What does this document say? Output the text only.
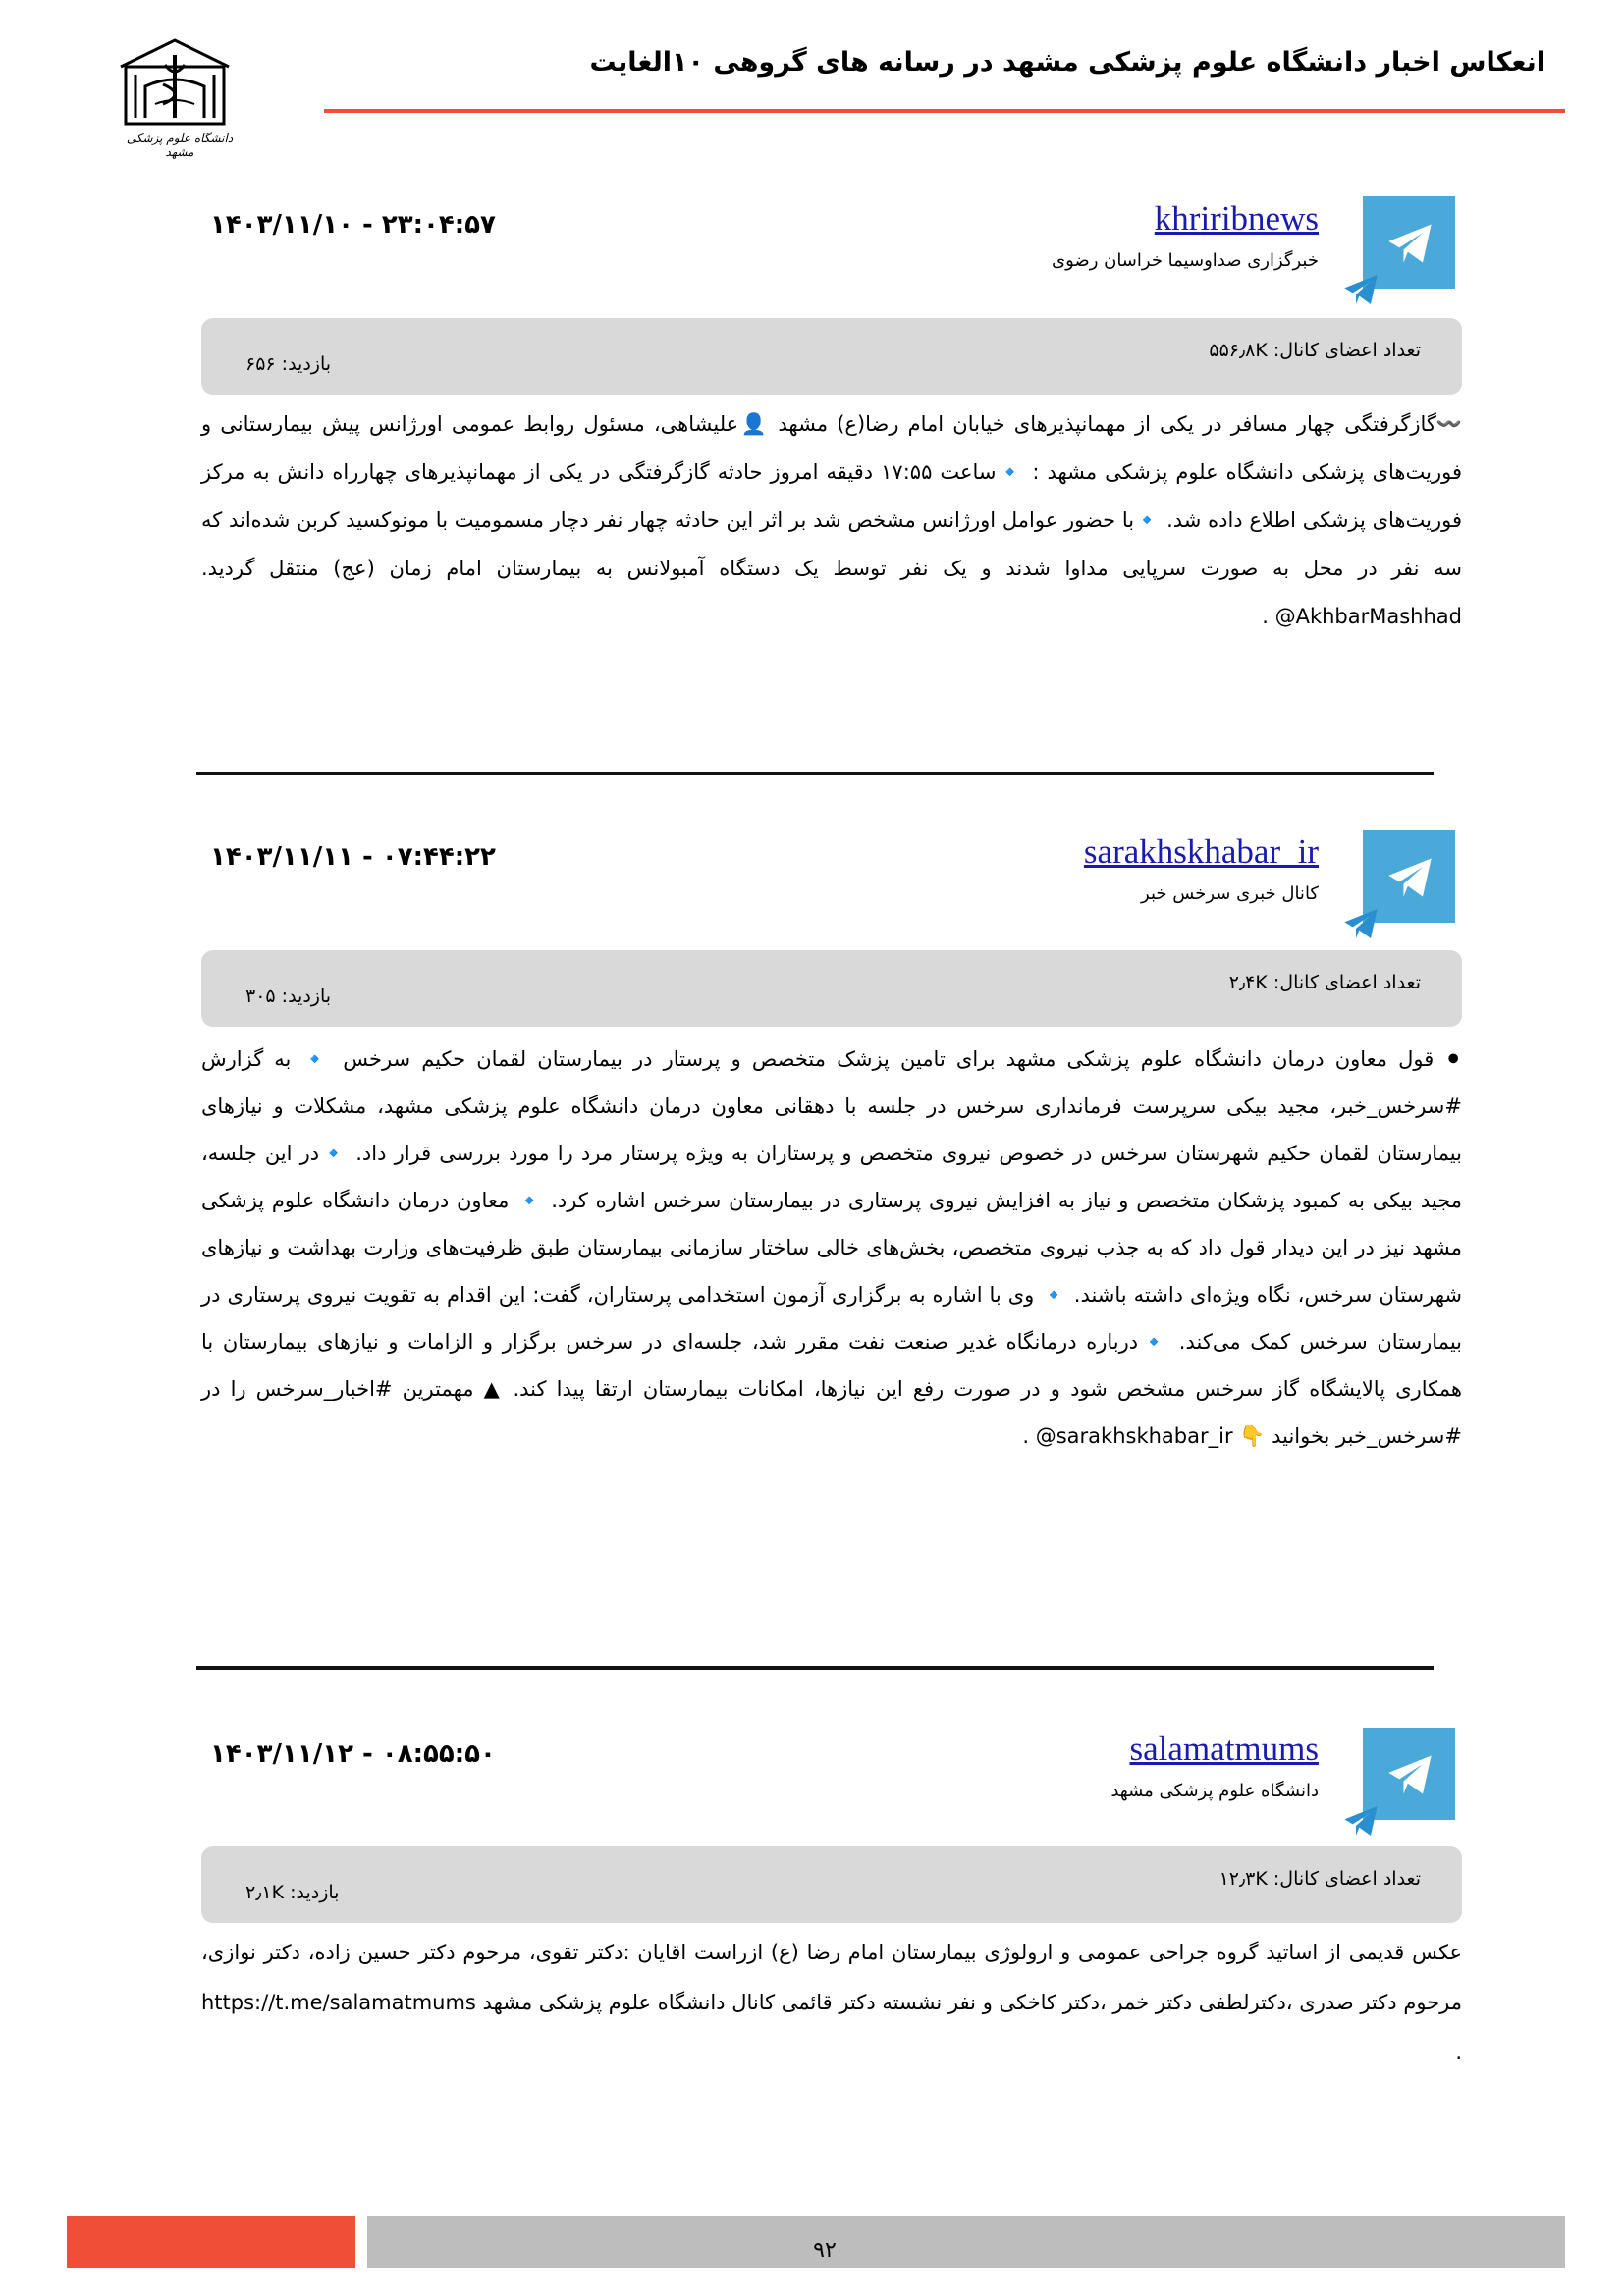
دانشگاه علوم پزشکی مشهد
انعکاس اخبار دانشگاه علوم پزشکی مشهد در رسانه های گروهی ۱۰الغایت
khriribnews
خبرگزاری صداوسیما خراسان رضوی
۲۳:۰۴:۵۷ - ۱۴۰۳/۱۱/۱۰
تعداد اعضای کانال: ۵۵۶٫۸K
بازدید: ۶۵۶
〰️گازگرفتگی چهار مسافر در یکی از مهمانپذیرهای خیابان امام رضا(ع) مشهد 👤علیشاهی، مسئول روابط عمومی اورژانس پیش بیمارستانی و فوریت‌های پزشکی دانشگاه علوم پزشکی مشهد : 🔹ساعت ۱۷:۵۵ دقیقه امروز حادثه گازگرفتگی در یکی از مهمانپذیرهای چهارراه دانش به مرکز فوریت‌های پزشکی اطلاع داده شد. 🔹با حضور عوامل اورژانس مشخص شد بر اثر این حادثه چهار نفر دچار مسمومیت با مونوکسید کربن شده‌اند که سه نفر در محل به صورت سرپایی مداوا شدند و یک نفر توسط یک دستگاه آمبولانس به بیمارستان امام زمان (عج) منتقل گردید. AkhbarMashhad@ .
sarakhskhabar_ir
کانال خبری سرخس خبر
۰۷:۴۴:۲۲ - ۱۴۰۳/۱۱/۱۱
تعداد اعضای کانال: ۲٫۴K
بازدید: ۳۰۵
⚫ قول معاون درمان دانشگاه علوم پزشکی مشهد برای تامین پزشک متخصص و پرستار در بیمارستان لقمان حکیم سرخس 🔹 به گزارش #سرخس_خبر، مجید بیکی سرپرست فرمانداری سرخس در جلسه با دهقانی معاون درمان دانشگاه علوم پزشکی مشهد، مشکلات و نیازهای بیمارستان لقمان حکیم شهرستان سرخس در خصوص نیروی متخصص و پرستاران به ویژه پرستار مرد را مورد بررسی قرار داد. 🔹در این جلسه، مجید بیکی به کمبود پزشکان متخصص و نیاز به افزایش نیروی پرستاری در بیمارستان سرخس اشاره کرد. 🔹 معاون درمان دانشگاه علوم پزشکی مشهد نیز در این دیدار قول داد که به جذب نیروی متخصص، بخش‌های خالی ساختار سازمانی بیمارستان طبق ظرفیت‌های وزارت بهداشت و نیازهای شهرستان سرخس، نگاه ویژه‌ای داشته باشند. 🔹 وی با اشاره به برگزاری آزمون استخدامی پرستاران، گفت: این اقدام به تقویت نیروی پرستاری در بیمارستان سرخس کمک می‌کند. 🔹درباره درمانگاه غدیر صنعت نفت مقرر شد، جلسه‌ای در سرخس برگزار و الزامات و نیازهای بیمارستان با همکاری پالایشگاه گاز سرخس مشخص شود و در صورت رفع این نیازها، امکانات بیمارستان ارتقا پیدا کند. ▲ مهمترین #اخبار_سرخس را در #سرخس_خبر بخوانید 👇 sarakhskhabar_ir@ .
salamatmums
دانشگاه علوم پزشکی مشهد
۰۸:۵۵:۵۰ - ۱۴۰۳/۱۱/۱۲
تعداد اعضای کانال: ۱۲٫۳K
بازدید: ۲٫۱K
عکس قدیمی از اساتید گروه جراحی عمومی و ارولوژی بیمارستان امام رضا (ع) ازراست اقایان :دکتر تقوی، مرحوم دکتر حسین زاده، دکتر نوازی، مرحوم دکتر صدری ،دکترلطفی دکتر خمر ،دکتر کاخکی و نفر نشسته دکتر قائمی کانال دانشگاه علوم پزشکی مشهد https://t.me/salamatmums .
۹۲
